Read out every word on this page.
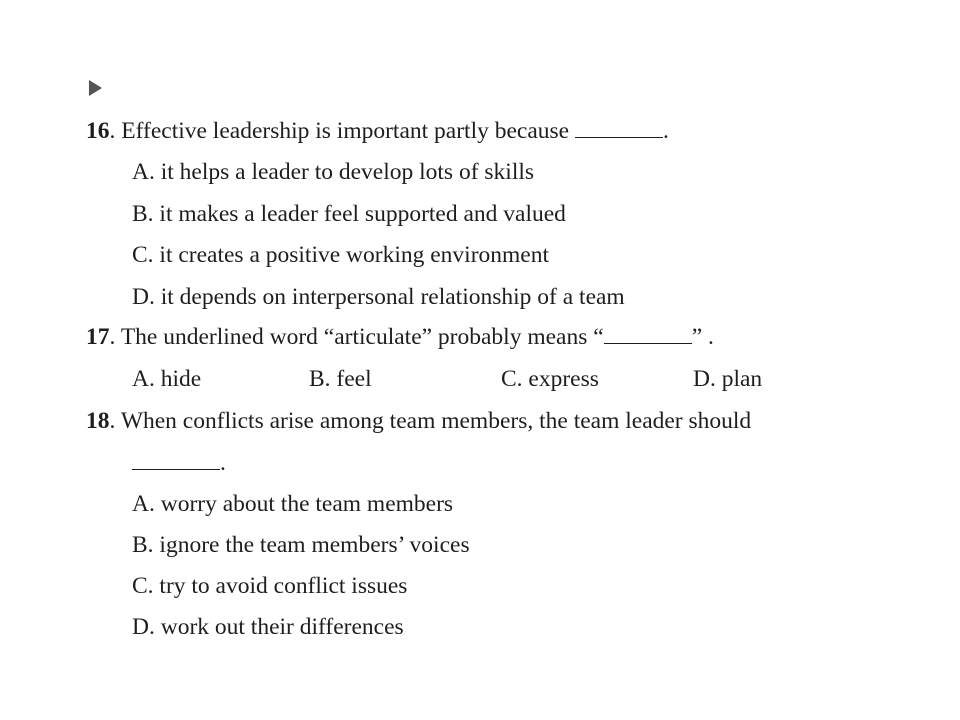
16. Effective leadership is important partly because	.
A. it helps a leader to develop lots of skills
B. it makes a leader feel supported and valued
C. it creates a positive working environment
D. it depends on interpersonal relationship of a team
17. The underlined word “articulate” probably means “	” .
A. hide	B. feel	C. express	D. plan
18. When conflicts arise among team members, the team leader should
.
A. worry about the team members
B. ignore the team members’ voices
C. try to avoid conflict issues
D. work out their differences
